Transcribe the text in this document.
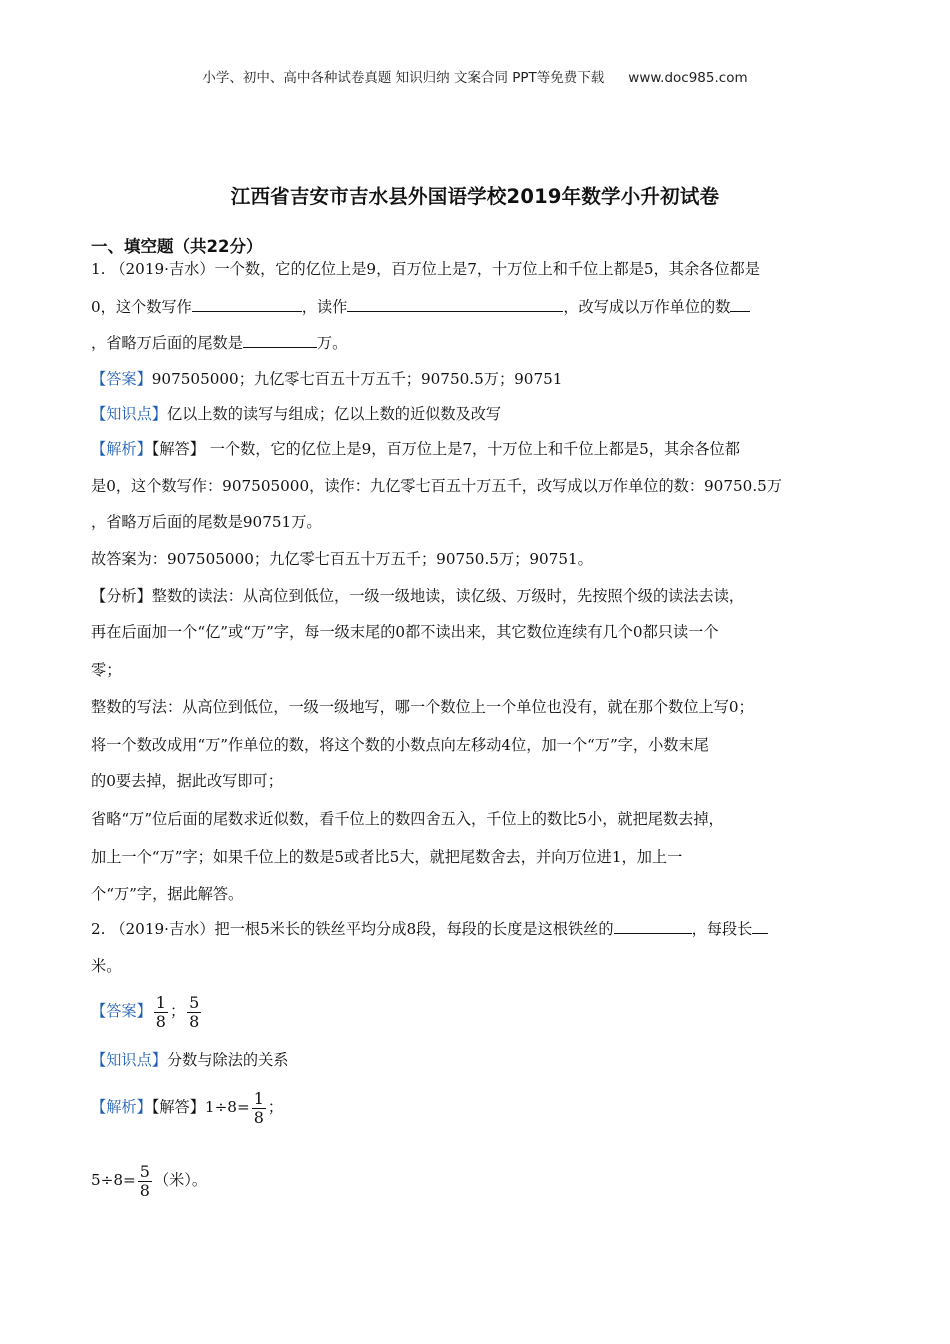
小学、初中、高中各种试卷真题 知识归纳 文案合同 PPT等免费下载 www.doc985.com
江西省吉安市吉水县外国语学校2019年数学小升初试卷
一、填空题（共22分）
1. （2019·吉水）一个数，它的亿位上是9，百万位上是7，十万位上和千位上都是5，其余各位都是
0，这个数写作	，读作	，改写成以万作单位的数
，省略万后面的尾数是	万。
【答案】907505000；九亿零七百五十万五千；90750.5万；90751
【知识点】亿以上数的读写与组成；亿以上数的近似数及改写
【解析】【解答】 一个数，它的亿位上是9，百万位上是7，十万位上和千位上都是5，其余各位都
是0，这个数写作：907505000，读作：九亿零七百五十万五千，改写成以万作单位的数：90750.5万
，省略万后面的尾数是90751万。
故答案为：907505000；九亿零七百五十万五千；90750.5万；90751。
【分析】整数的读法：从高位到低位，一级一级地读，读亿级、万级时，先按照个级的读法去读，
再在后面加一个“亿”或“万”字，每一级末尾的0都不读出来，其它数位连续有几个0都只读一个
零；
整数的写法：从高位到低位，一级一级地写，哪一个数位上一个单位也没有，就在那个数位上写0；
将一个数改成用“万”作单位的数，将这个数的小数点向左移动4位，加一个“万”字，小数末尾
的0要去掉，据此改写即可；
省略“万”位后面的尾数求近似数，看千位上的数四舍五入，千位上的数比5小，就把尾数去掉，
加上一个“万”字；如果千位上的数是5或者比5大，就把尾数舍去，并向万位进1，加上一
个“万”字，据此解答。
2. （2019·吉水）把一根5米长的铁丝平均分成8段，每段的长度是这根铁丝的	，每段长
米。
【答案】 $\frac{1}{8}$ ； $\frac{5}{8}$
【知识点】分数与除法的关系
【解析】【解答】$1\div 8= \frac{1}{8}$ ；
$5\div 8= \frac{5}{8}$ （米）。
